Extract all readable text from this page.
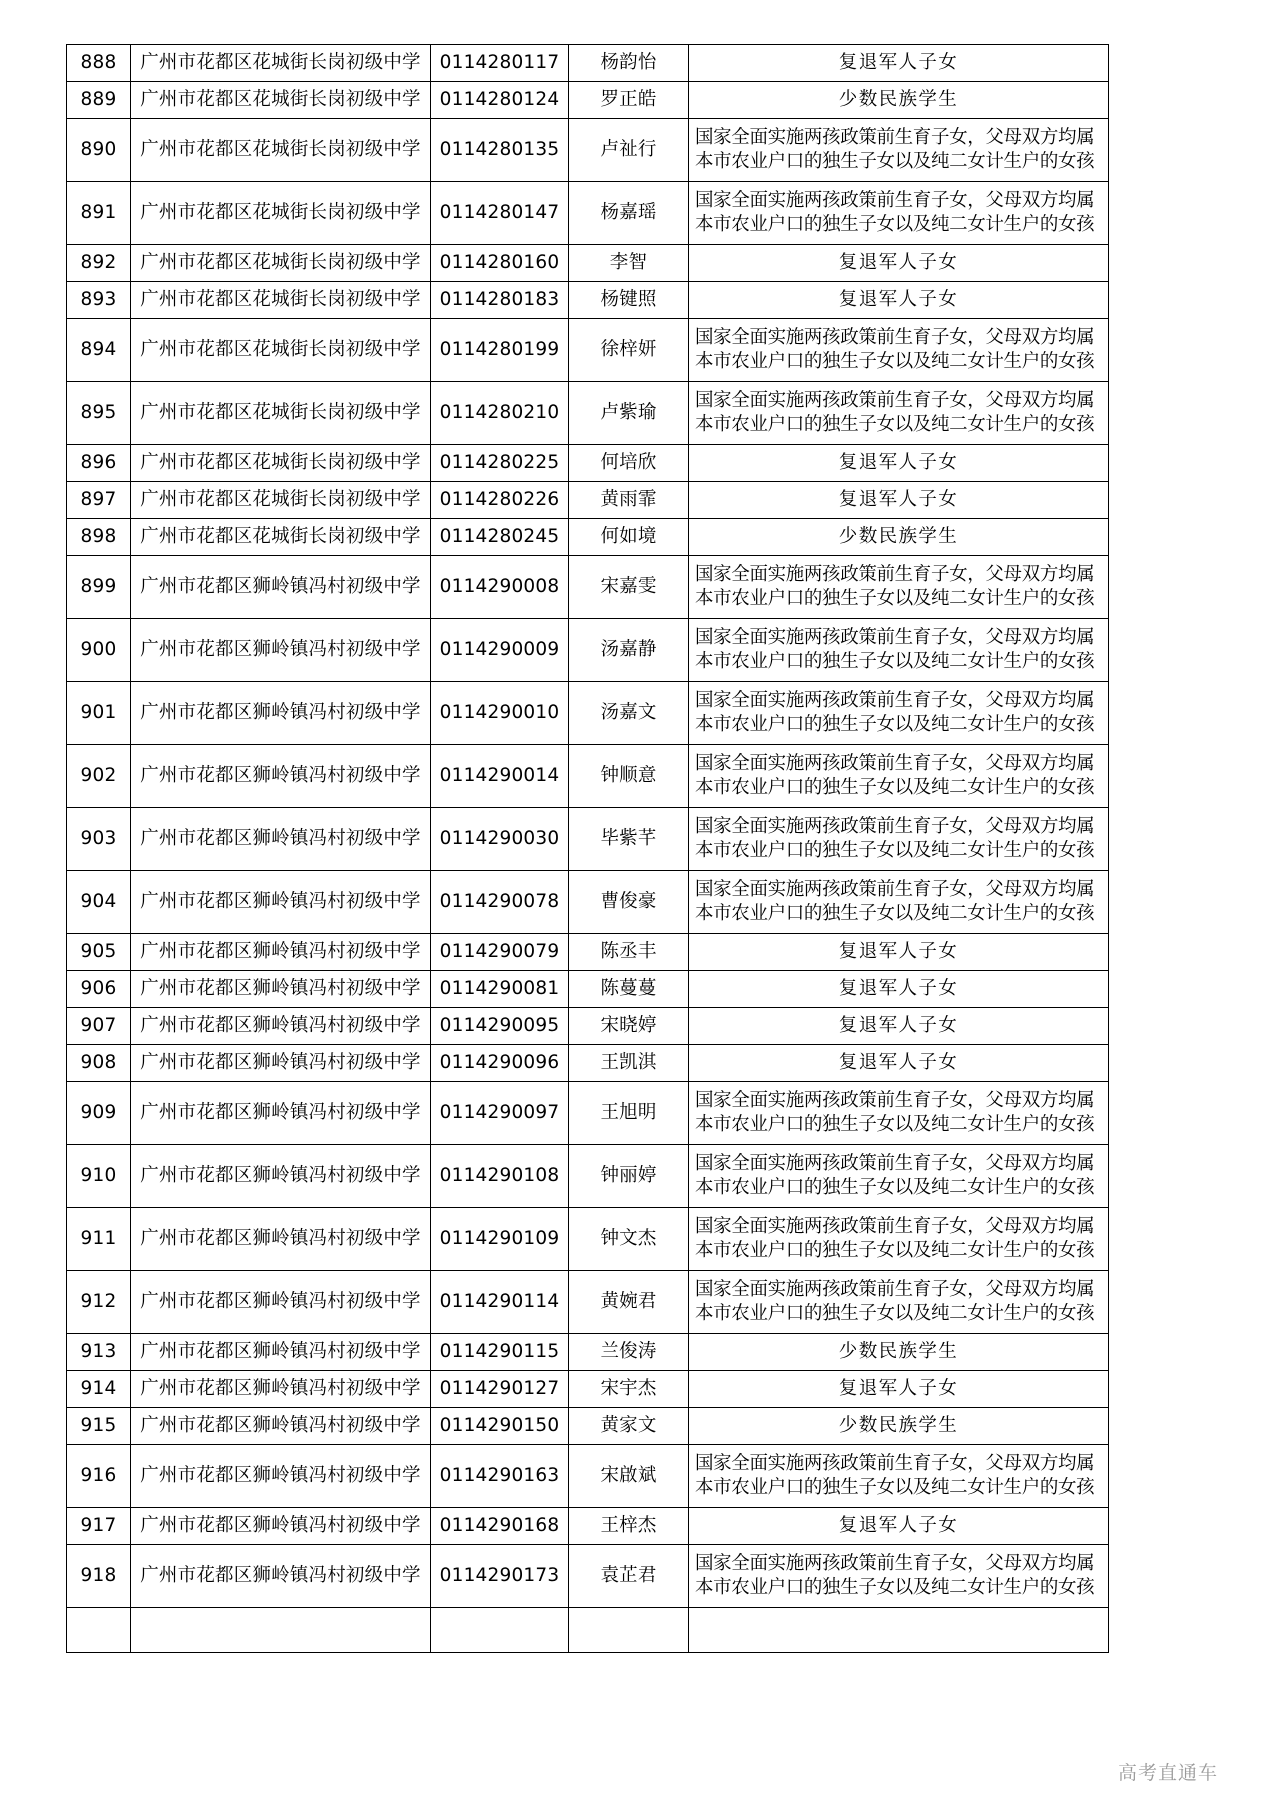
888	广州市花都区花城街长岗初级中学	0114280117	杨韵怡	复退军人子女

889	广州市花都区花城街长岗初级中学	0114280124	罗正皓	少数民族学生

890	广州市花都区花城街长岗初级中学	0114280135	卢祉行	国家全面实施两孩政策前生育子女，父母双方均属
本市农业户口的独生子女以及纯二女计生户的女孩

891	广州市花都区花城街长岗初级中学	0114280147	杨嘉瑶	国家全面实施两孩政策前生育子女，父母双方均属
本市农业户口的独生子女以及纯二女计生户的女孩

892	广州市花都区花城街长岗初级中学	0114280160	李智	复退军人子女

893	广州市花都区花城街长岗初级中学	0114280183	杨键照	复退军人子女

894	广州市花都区花城街长岗初级中学	0114280199	徐梓妍	国家全面实施两孩政策前生育子女，父母双方均属
本市农业户口的独生子女以及纯二女计生户的女孩

895	广州市花都区花城街长岗初级中学	0114280210	卢紫瑜	国家全面实施两孩政策前生育子女，父母双方均属
本市农业户口的独生子女以及纯二女计生户的女孩

896	广州市花都区花城街长岗初级中学	0114280225	何培欣	复退军人子女

897	广州市花都区花城街长岗初级中学	0114280226	黄雨霏	复退军人子女

898	广州市花都区花城街长岗初级中学	0114280245	何如境	少数民族学生

899	广州市花都区狮岭镇冯村初级中学	0114290008	宋嘉雯	国家全面实施两孩政策前生育子女，父母双方均属
本市农业户口的独生子女以及纯二女计生户的女孩

900	广州市花都区狮岭镇冯村初级中学	0114290009	汤嘉静	国家全面实施两孩政策前生育子女，父母双方均属
本市农业户口的独生子女以及纯二女计生户的女孩

901	广州市花都区狮岭镇冯村初级中学	0114290010	汤嘉文	国家全面实施两孩政策前生育子女，父母双方均属
本市农业户口的独生子女以及纯二女计生户的女孩

902	广州市花都区狮岭镇冯村初级中学	0114290014	钟顺意	国家全面实施两孩政策前生育子女，父母双方均属
本市农业户口的独生子女以及纯二女计生户的女孩

903	广州市花都区狮岭镇冯村初级中学	0114290030	毕紫芊	国家全面实施两孩政策前生育子女，父母双方均属
本市农业户口的独生子女以及纯二女计生户的女孩

904	广州市花都区狮岭镇冯村初级中学	0114290078	曹俊豪	国家全面实施两孩政策前生育子女，父母双方均属
本市农业户口的独生子女以及纯二女计生户的女孩

905	广州市花都区狮岭镇冯村初级中学	0114290079	陈丞丰	复退军人子女

906	广州市花都区狮岭镇冯村初级中学	0114290081	陈蔓蔓	复退军人子女

907	广州市花都区狮岭镇冯村初级中学	0114290095	宋晓婷	复退军人子女

908	广州市花都区狮岭镇冯村初级中学	0114290096	王凯淇	复退军人子女

909	广州市花都区狮岭镇冯村初级中学	0114290097	王旭明	国家全面实施两孩政策前生育子女，父母双方均属
本市农业户口的独生子女以及纯二女计生户的女孩

910	广州市花都区狮岭镇冯村初级中学	0114290108	钟丽婷	国家全面实施两孩政策前生育子女，父母双方均属
本市农业户口的独生子女以及纯二女计生户的女孩

911	广州市花都区狮岭镇冯村初级中学	0114290109	钟文杰	国家全面实施两孩政策前生育子女，父母双方均属
本市农业户口的独生子女以及纯二女计生户的女孩

912	广州市花都区狮岭镇冯村初级中学	0114290114	黄婉君	国家全面实施两孩政策前生育子女，父母双方均属
本市农业户口的独生子女以及纯二女计生户的女孩

913	广州市花都区狮岭镇冯村初级中学	0114290115	兰俊涛	少数民族学生

914	广州市花都区狮岭镇冯村初级中学	0114290127	宋宇杰	复退军人子女

915	广州市花都区狮岭镇冯村初级中学	0114290150	黄家文	少数民族学生

916	广州市花都区狮岭镇冯村初级中学	0114290163	宋啟斌	国家全面实施两孩政策前生育子女，父母双方均属
本市农业户口的独生子女以及纯二女计生户的女孩

917	广州市花都区狮岭镇冯村初级中学	0114290168	王梓杰	复退军人子女

918	广州市花都区狮岭镇冯村初级中学	0114290173	袁芷君	国家全面实施两孩政策前生育子女，父母双方均属
本市农业户口的独生子女以及纯二女计生户的女孩

高考直通车
